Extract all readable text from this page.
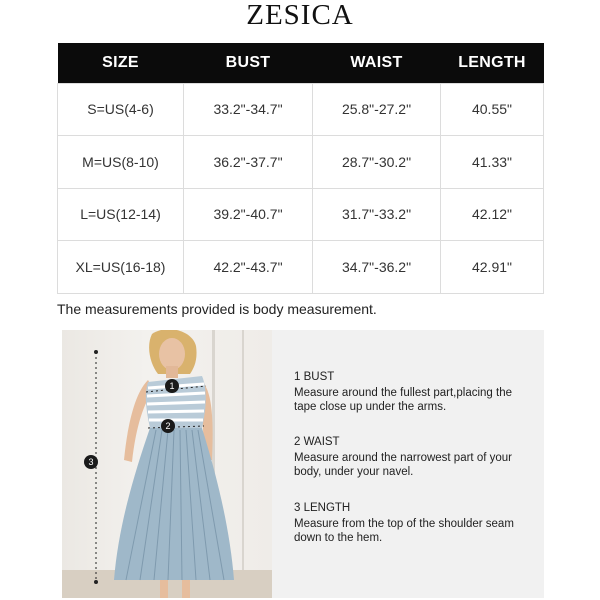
ZESICA
SIZE	BUST	WAIST	LENGTH
S=US(4-6)	33.2"-34.7"	25.8"-27.2"	40.55"
M=US(8-10)	36.2"-37.7"	28.7"-30.2"	41.33"
L=US(12-14)	39.2"-40.7"	31.7"-33.2"	42.12"
XL=US(16-18)	42.2"-43.7"	34.7"-36.2"	42.91"
The measurements provided is body measurement.
1
2
3
1 BUST
Measure around the fullest part,placing the tape close up under the arms.
2 WAIST
Measure around the narrowest part of your body, under your navel.
3 LENGTH
Measure from the top of the shoulder seam down to the hem.
